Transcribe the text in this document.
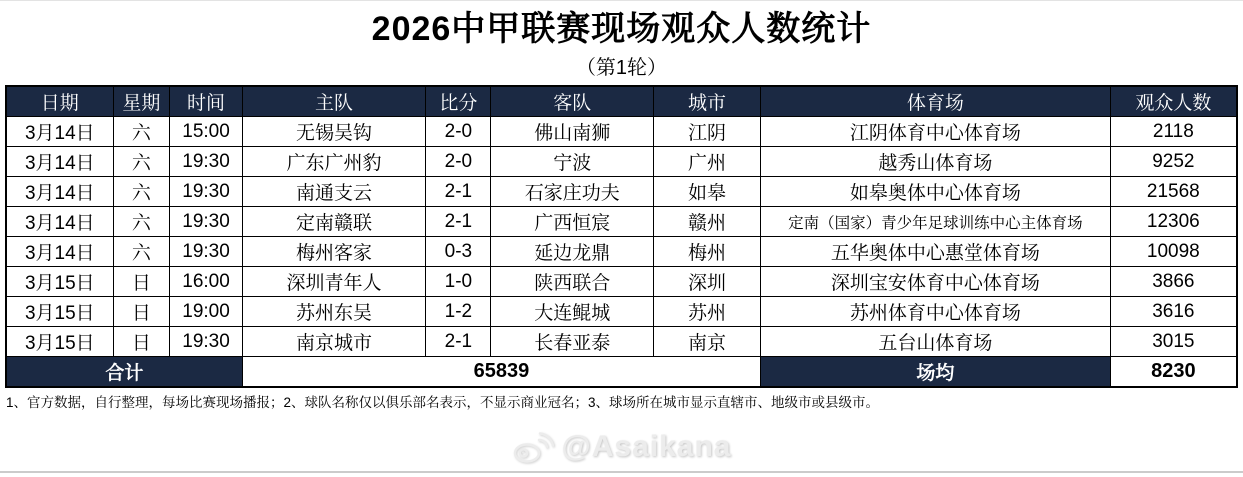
2026中甲联赛现场观众人数统计
（第1轮）
日期	星期	时间	主队	比分	客队	城市	体育场	观众人数
3月14日	六	15:00	无锡吴钩	2-0	佛山南狮	江阴	江阴体育中心体育场	2118
3月14日	六	19:30	广东广州豹	2-0	宁波	广州	越秀山体育场	9252
3月14日	六	19:30	南通支云	2-1	石家庄功夫	如皋	如皋奥体中心体育场	21568
3月14日	六	19:30	定南赣联	2-1	广西恒宸	赣州	定南（国家）青少年足球训练中心主体育场	12306
3月14日	六	19:30	梅州客家	0-3	延边龙鼎	梅州	五华奥体中心惠堂体育场	10098
3月15日	日	16:00	深圳青年人	1-0	陕西联合	深圳	深圳宝安体育中心体育场	3866
3月15日	日	19:00	苏州东吴	1-2	大连鲲城	苏州	苏州体育中心体育场	3616
3月15日	日	19:30	南京城市	2-1	长春亚泰	南京	五台山体育场	3015
合计			65839				场均	8230
1、官方数据，自行整理，每场比赛现场播报；2、球队名称仅以俱乐部名表示，不显示商业冠名；3、球场所在城市显示直辖市、地级市或县级市。
@Asaikana
